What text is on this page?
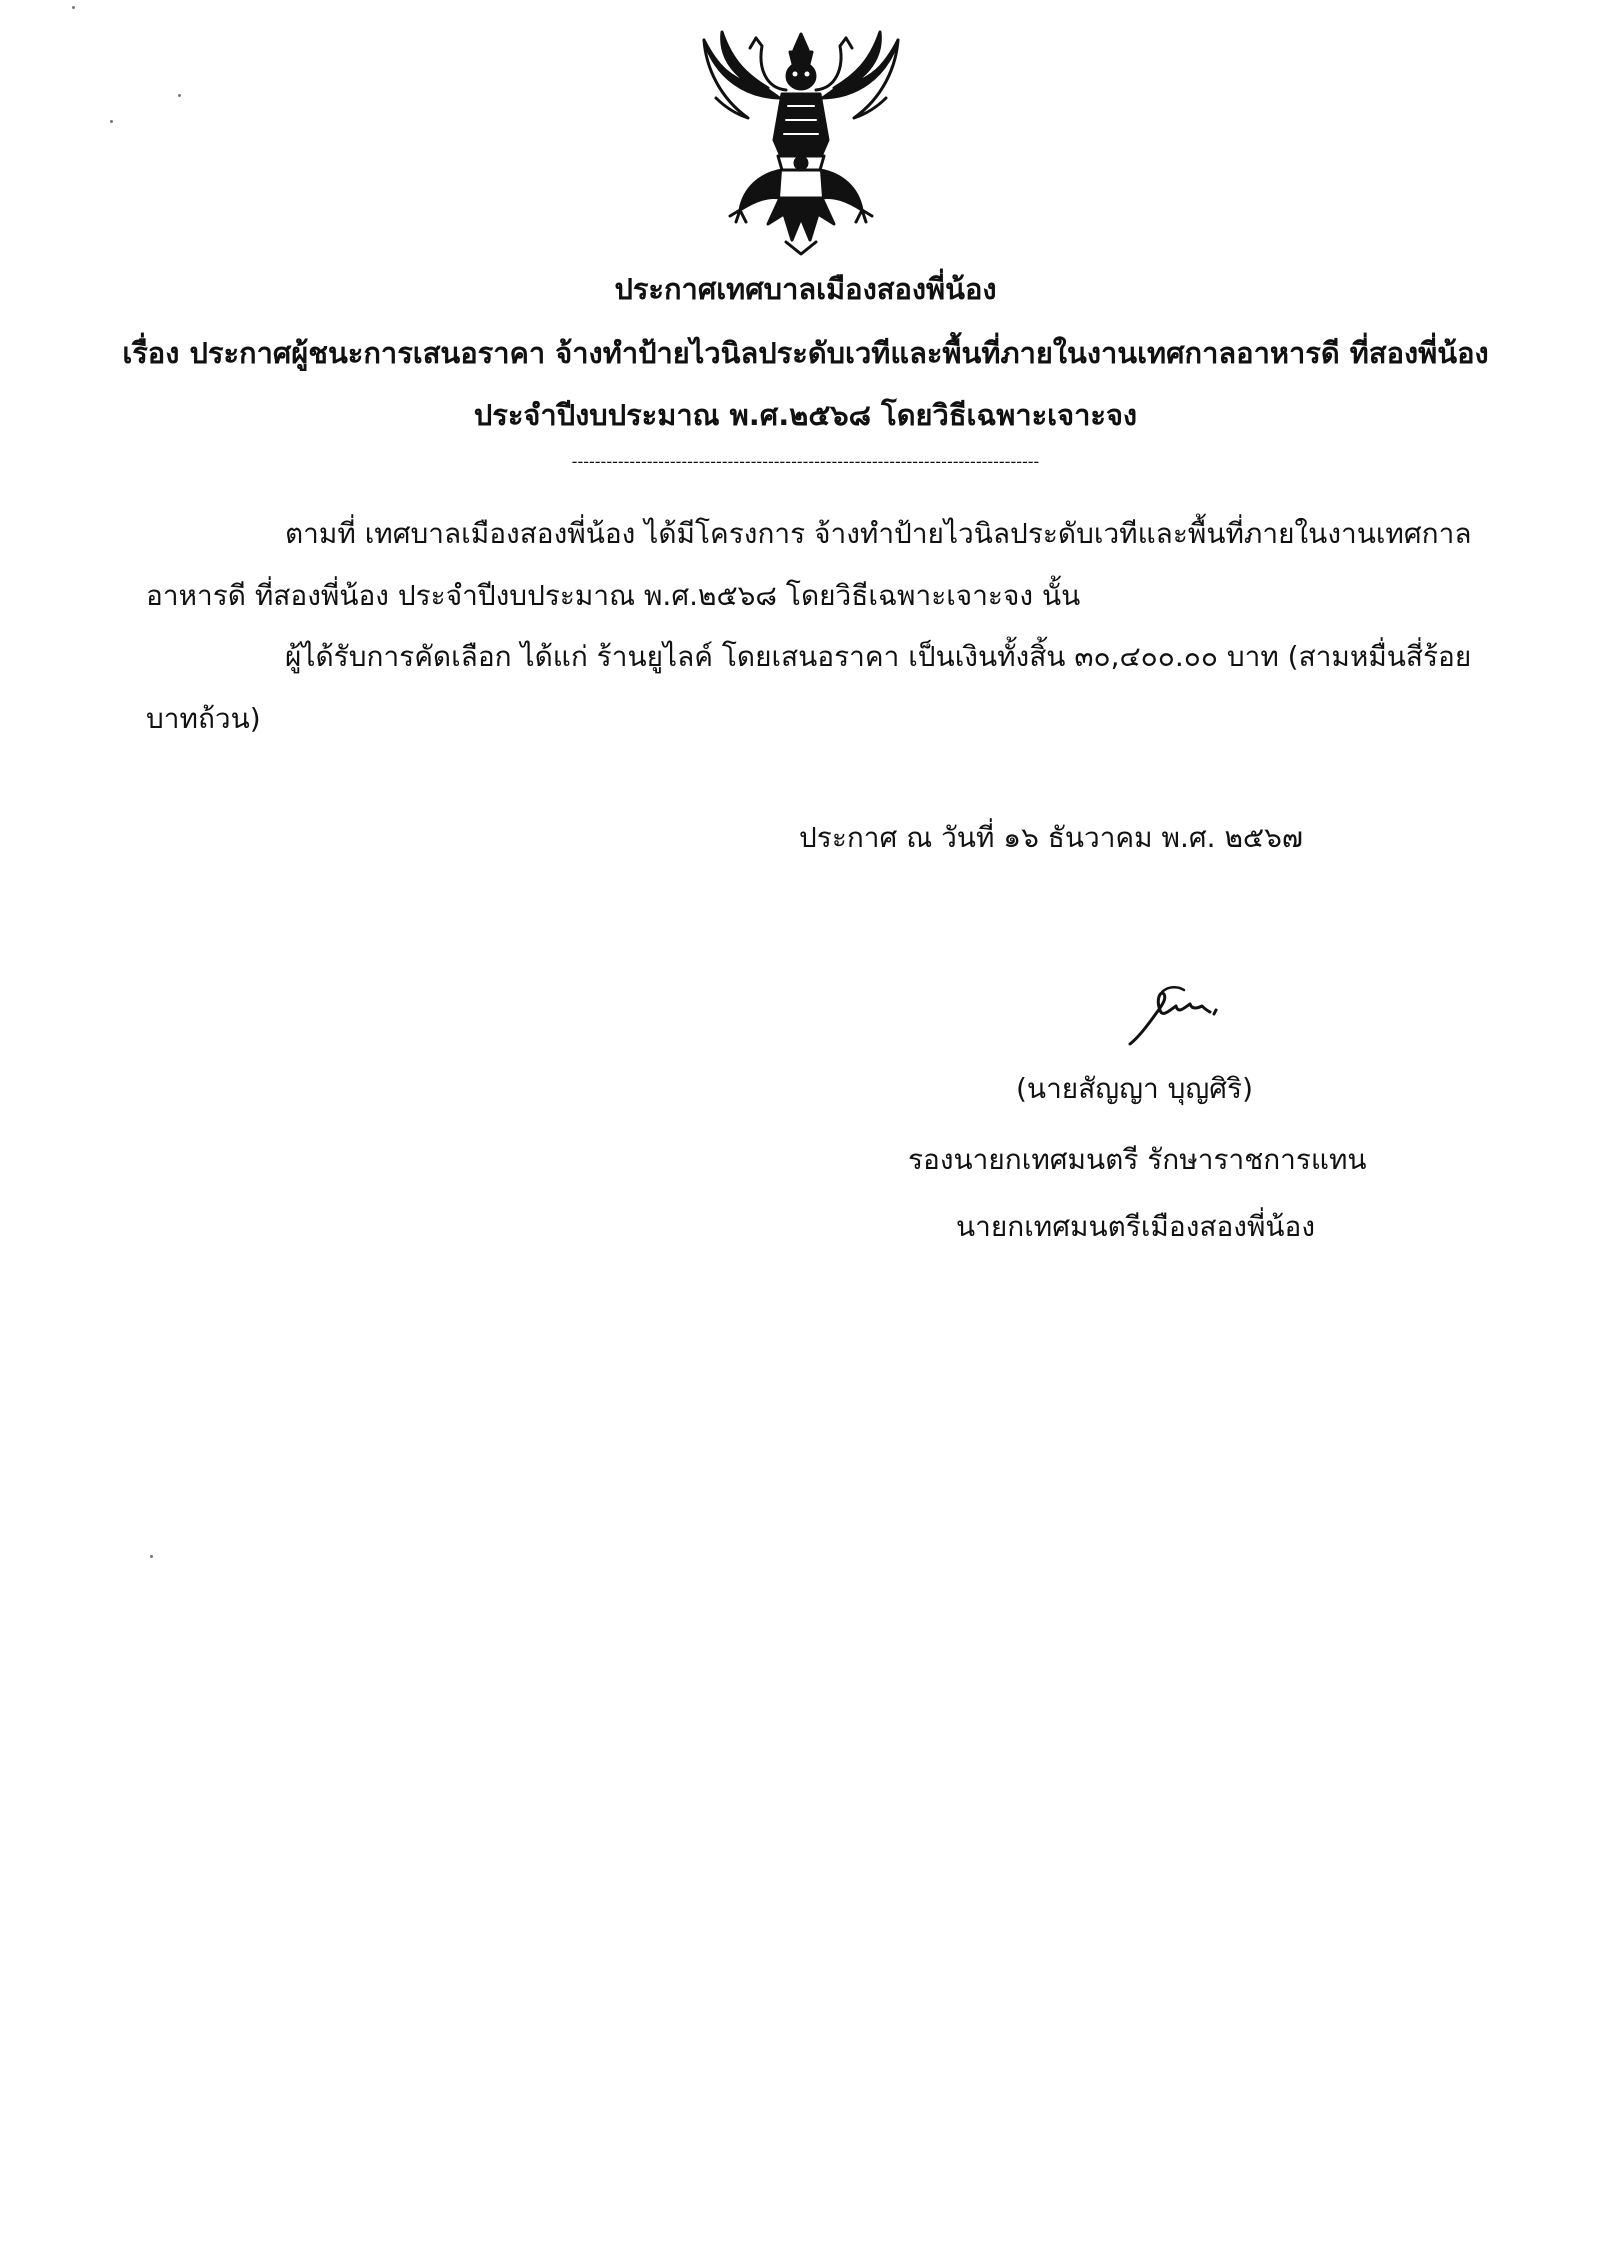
ประกาศเทศบาลเมืองสองพี่น้อง
เรื่อง ประกาศผู้ชนะการเสนอราคา จ้างทำป้ายไวนิลประดับเวทีและพื้นที่ภายในงานเทศกาลอาหารดี ที่สองพี่น้อง
ประจำปีงบประมาณ พ.ศ.๒๕๖๘ โดยวิธีเฉพาะเจาะจง
---------------------------------------------------------------------------------
ตามที่ เทศบาลเมืองสองพี่น้อง ได้มีโครงการ จ้างทำป้ายไวนิลประดับเวทีและพื้นที่ภายในงานเทศกาล
อาหารดี ที่สองพี่น้อง ประจำปีงบประมาณ พ.ศ.๒๕๖๘ โดยวิธีเฉพาะเจาะจง นั้น
ผู้ได้รับการคัดเลือก ได้แก่ ร้านยูไลค์ โดยเสนอราคา เป็นเงินทั้งสิ้น ๓๐,๔๐๐.๐๐ บาท (สามหมื่นสี่ร้อย
บาทถ้วน)
ประกาศ ณ วันที่ ๑๖ ธันวาคม พ.ศ. ๒๕๖๗
(นายสัญญา บุญศิริ)
รองนายกเทศมนตรี รักษาราชการแทน
นายกเทศมนตรีเมืองสองพี่น้อง
